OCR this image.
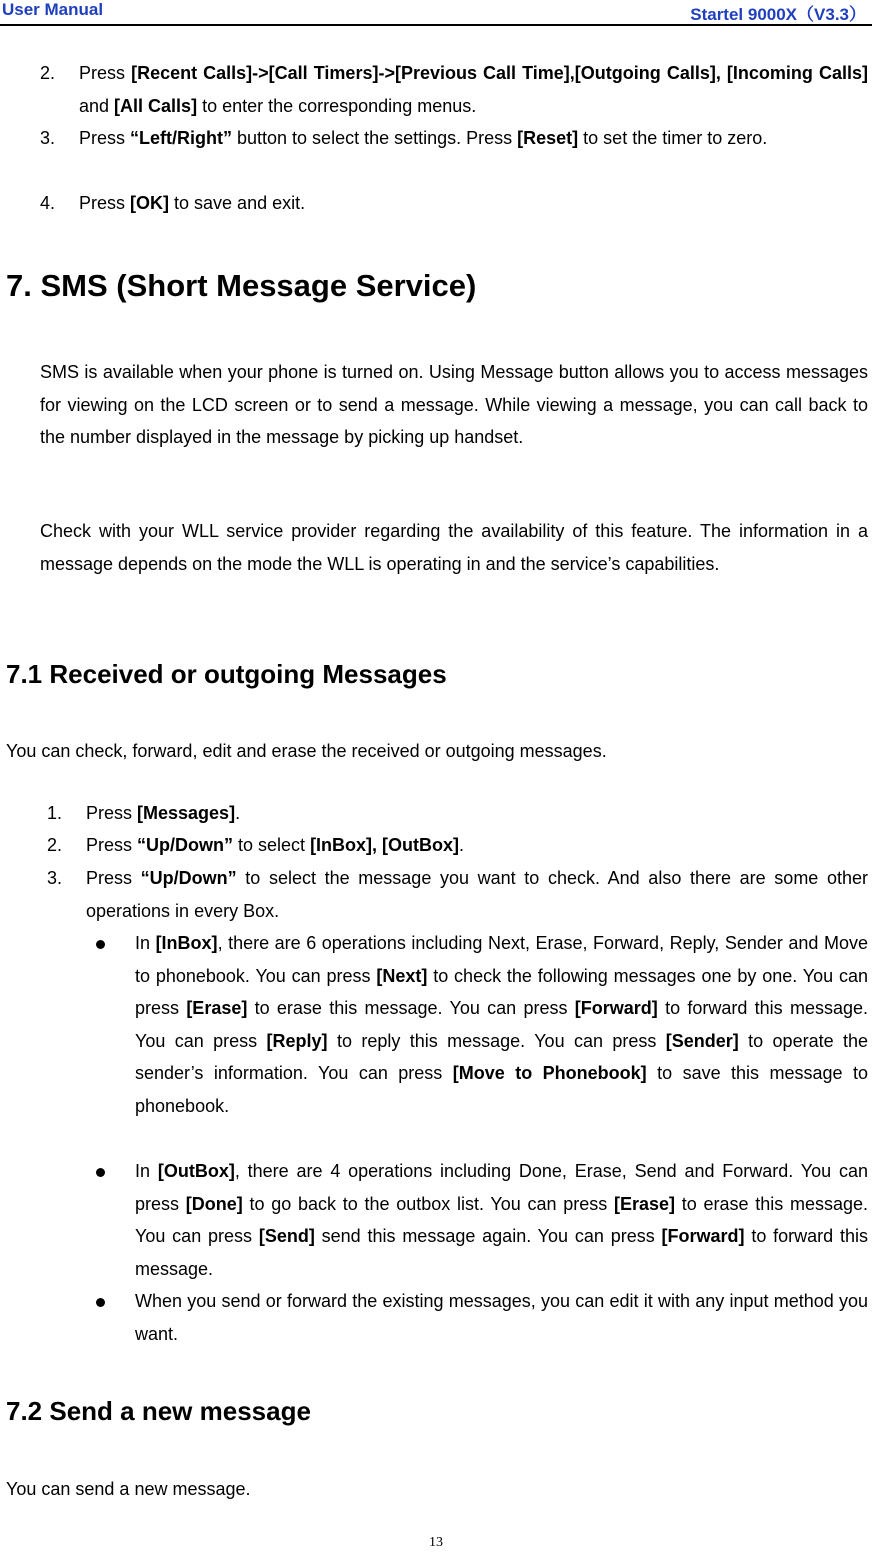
User Manual	Startel 9000X（V3.3）
2. Press [Recent Calls]->[Call Timers]->[Previous Call Time],[Outgoing Calls], [Incoming Calls] and [All Calls] to enter the corresponding menus.
3. Press “Left/Right” button to select the settings. Press [Reset] to set the timer to zero.
4. Press [OK] to save and exit.
7. SMS (Short Message Service)
SMS is available when your phone is turned on. Using Message button allows you to access messages for viewing on the LCD screen or to send a message. While viewing a message, you can call back to the number displayed in the message by picking up handset.
Check with your WLL service provider regarding the availability of this feature. The information in a message depends on the mode the WLL is operating in and the service’s capabilities.
7.1 Received or outgoing Messages
You can check, forward, edit and erase the received or outgoing messages.
1. Press [Messages].
2. Press “Up/Down” to select [InBox], [OutBox].
3. Press “Up/Down” to select the message you want to check. And also there are some other operations in every Box.
In [InBox], there are 6 operations including Next, Erase, Forward, Reply, Sender and Move to phonebook. You can press [Next] to check the following messages one by one. You can press [Erase] to erase this message. You can press [Forward] to forward this message. You can press [Reply] to reply this message. You can press [Sender] to operate the sender’s information. You can press [Move to Phonebook] to save this message to phonebook.
In [OutBox], there are 4 operations including Done, Erase, Send and Forward. You can press [Done] to go back to the outbox list. You can press [Erase] to erase this message. You can press [Send] send this message again. You can press [Forward] to forward this message.
When you send or forward the existing messages, you can edit it with any input method you want.
7.2 Send a new message
You can send a new message.
13
